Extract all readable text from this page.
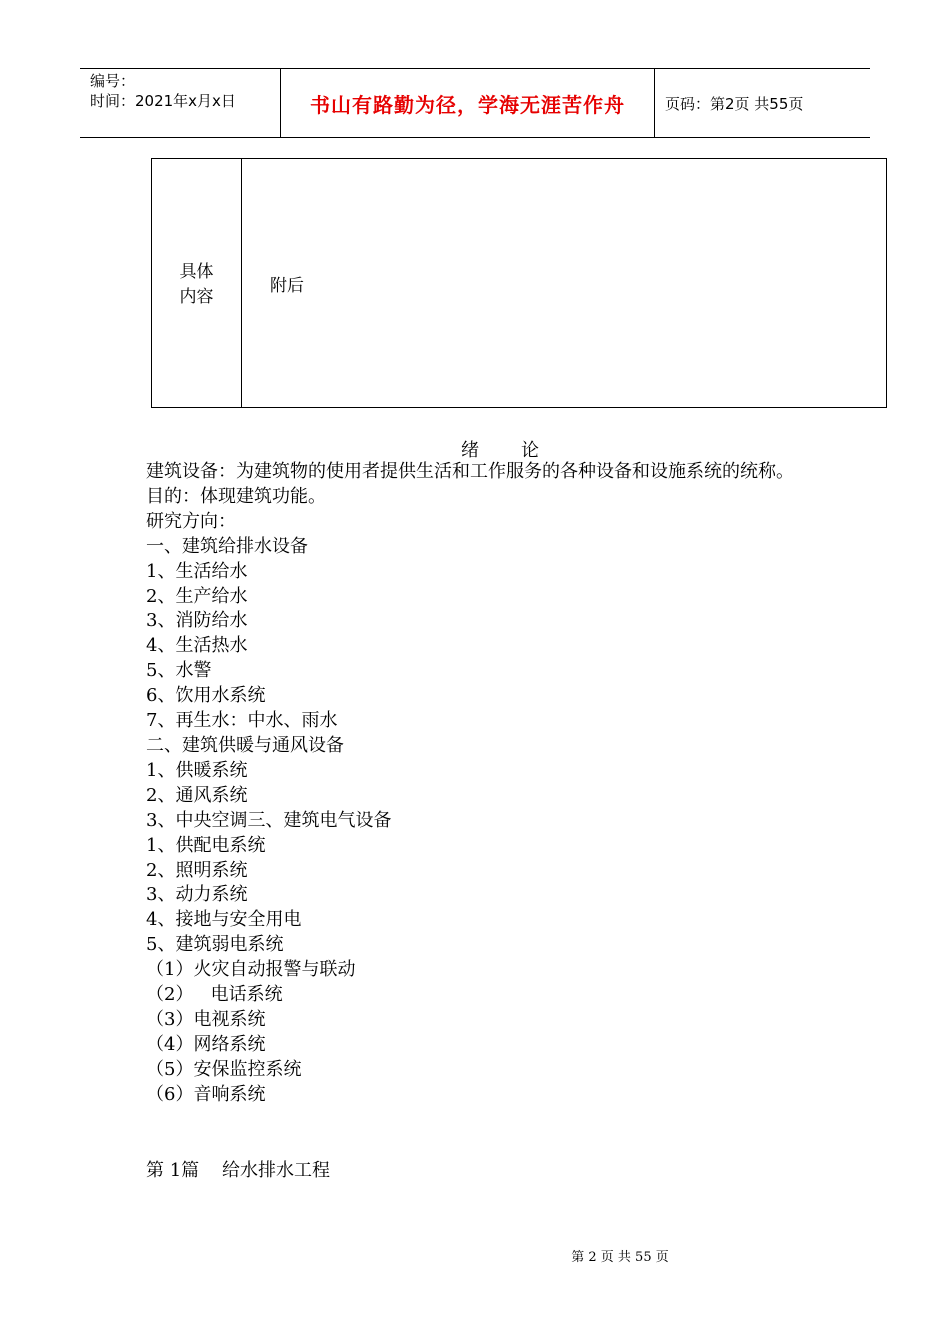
编号：
时间：2021年x月x日	书山有路勤为径，学海无涯苦作舟	页码：第2页 共55页
具体
内容
附后
绪 论

建筑设备：为建筑物的使用者提供生活和工作服务的各种设备和设施系统的统称。

目的：体现建筑功能。

研究方向：

一、建筑给排水设备

1、生活给水

2、生产给水

3、消防给水

4、生活热水

5、水警

6、饮用水系统

7、再生水：中水、雨水

二、建筑供暖与通风设备

1、供暖系统

2、通风系统

3、中央空调三、建筑电气设备

1、供配电系统

2、照明系统

3、动力系统

4、接地与安全用电

5、建筑弱电系统

（1）火灾自动报警与联动

（2）   电话系统

（3）电视系统

（4）网络系统

（5）安保监控系统

（6）音响系统

第 1篇    给水排水工程
第 2 页 共 55 页
